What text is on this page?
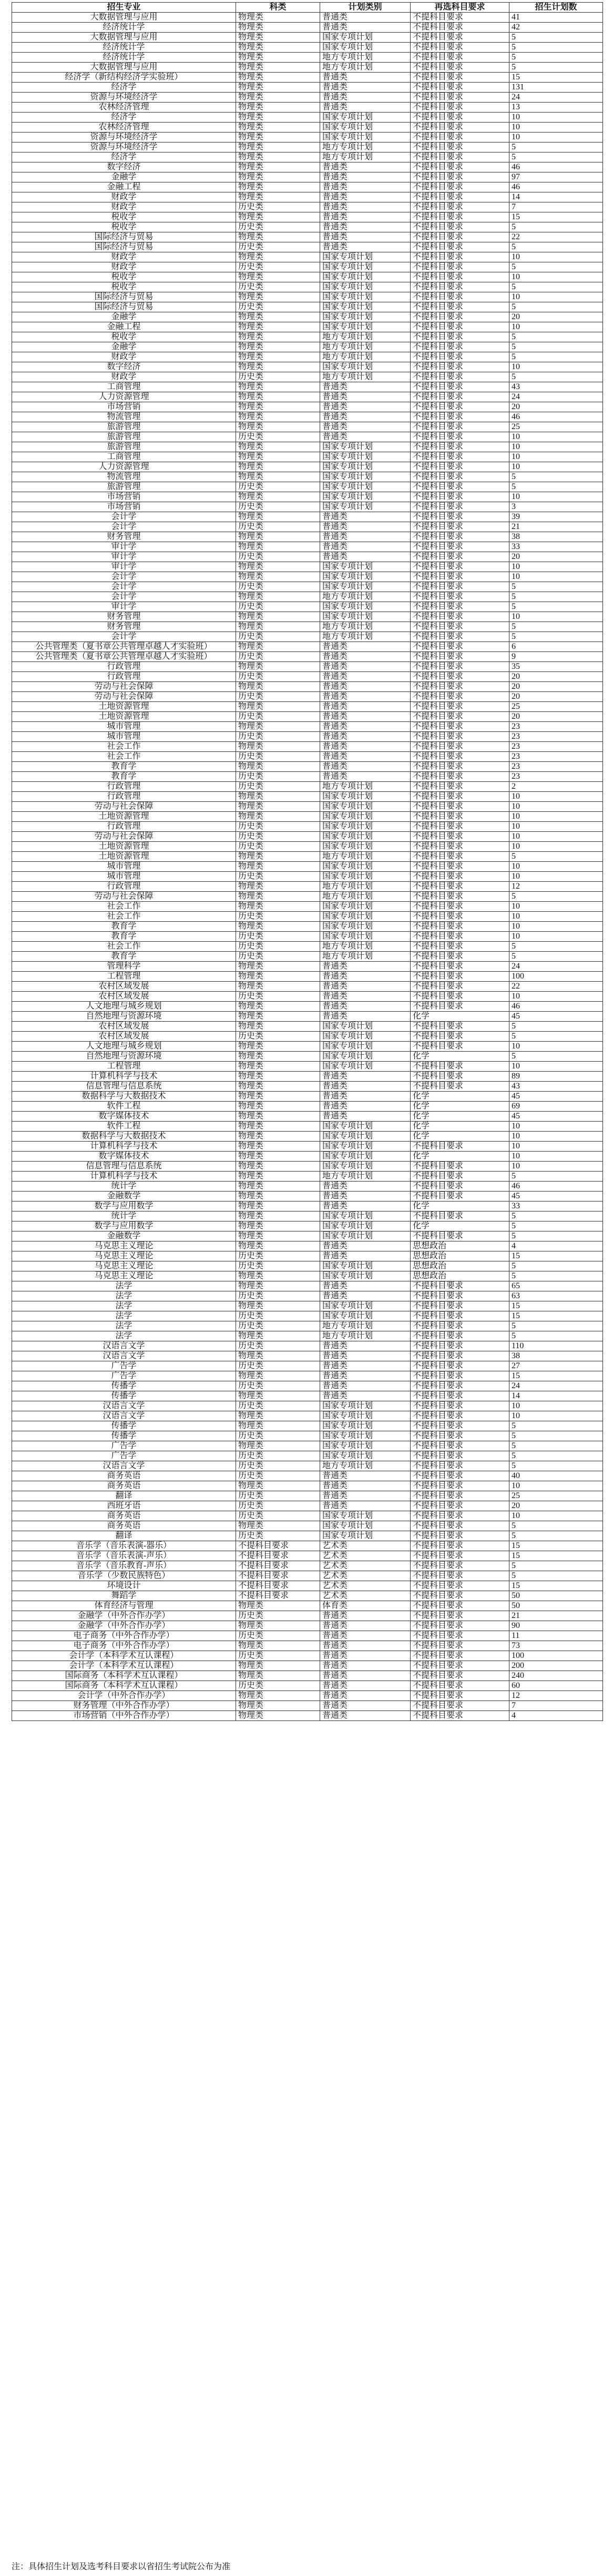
招生专业	科类	计划类别	再选科目要求	招生计划数
大数据管理与应用	物理类	普通类	不提科目要求	41
经济统计学	物理类	普通类	不提科目要求	42
大数据管理与应用	物理类	国家专项计划	不提科目要求	5
经济统计学	物理类	国家专项计划	不提科目要求	5
经济统计学	物理类	地方专项计划	不提科目要求	5
大数据管理与应用	物理类	地方专项计划	不提科目要求	5
经济学（新结构经济学实验班）	物理类	普通类	不提科目要求	15
经济学	物理类	普通类	不提科目要求	131
资源与环境经济学	物理类	普通类	不提科目要求	24
农林经济管理	物理类	普通类	不提科目要求	13
经济学	物理类	国家专项计划	不提科目要求	10
农林经济管理	物理类	国家专项计划	不提科目要求	10
资源与环境经济学	物理类	国家专项计划	不提科目要求	10
资源与环境经济学	物理类	地方专项计划	不提科目要求	5
经济学	物理类	地方专项计划	不提科目要求	5
数字经济	物理类	普通类	不提科目要求	46
金融学	物理类	普通类	不提科目要求	97
金融工程	物理类	普通类	不提科目要求	46
财政学	物理类	普通类	不提科目要求	14
财政学	历史类	普通类	不提科目要求	7
税收学	物理类	普通类	不提科目要求	15
税收学	历史类	普通类	不提科目要求	5
国际经济与贸易	物理类	普通类	不提科目要求	22
国际经济与贸易	历史类	普通类	不提科目要求	5
财政学	物理类	国家专项计划	不提科目要求	10
财政学	历史类	国家专项计划	不提科目要求	5
税收学	物理类	国家专项计划	不提科目要求	10
税收学	历史类	国家专项计划	不提科目要求	5
国际经济与贸易	物理类	国家专项计划	不提科目要求	10
国际经济与贸易	历史类	国家专项计划	不提科目要求	5
金融学	物理类	国家专项计划	不提科目要求	20
金融工程	物理类	国家专项计划	不提科目要求	10
税收学	物理类	地方专项计划	不提科目要求	5
金融学	物理类	地方专项计划	不提科目要求	5
财政学	物理类	地方专项计划	不提科目要求	5
数字经济	物理类	国家专项计划	不提科目要求	10
财政学	历史类	地方专项计划	不提科目要求	5
工商管理	物理类	普通类	不提科目要求	43
人力资源管理	物理类	普通类	不提科目要求	24
市场营销	物理类	普通类	不提科目要求	20
物流管理	物理类	普通类	不提科目要求	46
旅游管理	物理类	普通类	不提科目要求	25
旅游管理	历史类	普通类	不提科目要求	10
旅游管理	物理类	国家专项计划	不提科目要求	10
工商管理	物理类	国家专项计划	不提科目要求	10
人力资源管理	物理类	国家专项计划	不提科目要求	10
物流管理	物理类	国家专项计划	不提科目要求	5
旅游管理	历史类	国家专项计划	不提科目要求	5
市场营销	物理类	国家专项计划	不提科目要求	10
市场营销	历史类	国家专项计划	不提科目要求	3
会计学	物理类	普通类	不提科目要求	39
会计学	历史类	普通类	不提科目要求	21
财务管理	物理类	普通类	不提科目要求	38
审计学	物理类	普通类	不提科目要求	33
审计学	历史类	普通类	不提科目要求	20
审计学	物理类	国家专项计划	不提科目要求	10
会计学	物理类	国家专项计划	不提科目要求	10
会计学	历史类	国家专项计划	不提科目要求	5
会计学	物理类	地方专项计划	不提科目要求	5
审计学	历史类	国家专项计划	不提科目要求	5
财务管理	物理类	国家专项计划	不提科目要求	10
财务管理	物理类	地方专项计划	不提科目要求	5
会计学	历史类	地方专项计划	不提科目要求	5
公共管理类（夏书章公共管理卓越人才实验班）	物理类	普通类	不提科目要求	6
公共管理类（夏书章公共管理卓越人才实验班）	历史类	普通类	不提科目要求	9
行政管理	物理类	普通类	不提科目要求	35
行政管理	历史类	普通类	不提科目要求	20
劳动与社会保障	物理类	普通类	不提科目要求	20
劳动与社会保障	历史类	普通类	不提科目要求	20
土地资源管理	物理类	普通类	不提科目要求	25
土地资源管理	历史类	普通类	不提科目要求	20
城市管理	物理类	普通类	不提科目要求	23
城市管理	历史类	普通类	不提科目要求	23
社会工作	物理类	普通类	不提科目要求	23
社会工作	历史类	普通类	不提科目要求	23
教育学	物理类	普通类	不提科目要求	23
教育学	历史类	普通类	不提科目要求	23
行政管理	历史类	地方专项计划	不提科目要求	2
行政管理	物理类	国家专项计划	不提科目要求	10
劳动与社会保障	物理类	国家专项计划	不提科目要求	10
土地资源管理	物理类	国家专项计划	不提科目要求	10
行政管理	历史类	国家专项计划	不提科目要求	10
劳动与社会保障	历史类	国家专项计划	不提科目要求	10
土地资源管理	历史类	国家专项计划	不提科目要求	10
土地资源管理	物理类	地方专项计划	不提科目要求	5
城市管理	物理类	国家专项计划	不提科目要求	10
城市管理	历史类	国家专项计划	不提科目要求	10
行政管理	物理类	地方专项计划	不提科目要求	12
劳动与社会保障	物理类	地方专项计划	不提科目要求	5
社会工作	物理类	国家专项计划	不提科目要求	10
社会工作	历史类	国家专项计划	不提科目要求	10
教育学	物理类	国家专项计划	不提科目要求	10
教育学	历史类	国家专项计划	不提科目要求	10
社会工作	历史类	地方专项计划	不提科目要求	5
教育学	历史类	地方专项计划	不提科目要求	5
管理科学	物理类	普通类	不提科目要求	24
工程管理	物理类	普通类	不提科目要求	100
农村区域发展	物理类	普通类	不提科目要求	22
农村区域发展	历史类	普通类	不提科目要求	10
人文地理与城乡规划	物理类	普通类	不提科目要求	46
自然地理与资源环境	物理类	普通类	化学	45
农村区域发展	物理类	国家专项计划	不提科目要求	5
农村区域发展	历史类	国家专项计划	不提科目要求	5
人文地理与城乡规划	物理类	国家专项计划	不提科目要求	10
自然地理与资源环境	物理类	国家专项计划	化学	5
工程管理	物理类	国家专项计划	不提科目要求	10
计算机科学与技术	物理类	普通类	不提科目要求	89
信息管理与信息系统	物理类	普通类	不提科目要求	43
数据科学与大数据技术	物理类	普通类	化学	45
软件工程	物理类	普通类	化学	69
数字媒体技术	物理类	普通类	化学	45
软件工程	物理类	国家专项计划	化学	10
数据科学与大数据技术	物理类	国家专项计划	化学	10
计算机科学与技术	物理类	国家专项计划	不提科目要求	10
数字媒体技术	物理类	国家专项计划	化学	10
信息管理与信息系统	物理类	国家专项计划	不提科目要求	10
计算机科学与技术	物理类	地方专项计划	不提科目要求	5
统计学	物理类	普通类	不提科目要求	46
金融数学	物理类	普通类	不提科目要求	45
数学与应用数学	物理类	普通类	化学	33
统计学	物理类	国家专项计划	不提科目要求	5
数学与应用数学	物理类	国家专项计划	化学	5
金融数学	物理类	国家专项计划	不提科目要求	5
马克思主义理论	物理类	普通类	思想政治	4
马克思主义理论	历史类	普通类	思想政治	15
马克思主义理论	历史类	国家专项计划	思想政治	5
马克思主义理论	物理类	国家专项计划	思想政治	5
法学	物理类	普通类	不提科目要求	65
法学	历史类	普通类	不提科目要求	63
法学	物理类	国家专项计划	不提科目要求	15
法学	历史类	国家专项计划	不提科目要求	15
法学	历史类	地方专项计划	不提科目要求	5
法学	物理类	地方专项计划	不提科目要求	5
汉语言文学	历史类	普通类	不提科目要求	110
汉语言文学	物理类	普通类	不提科目要求	38
广告学	历史类	普通类	不提科目要求	27
广告学	物理类	普通类	不提科目要求	15
传播学	历史类	普通类	不提科目要求	24
传播学	物理类	普通类	不提科目要求	14
汉语言文学	历史类	国家专项计划	不提科目要求	10
汉语言文学	物理类	国家专项计划	不提科目要求	10
传播学	物理类	国家专项计划	不提科目要求	5
传播学	历史类	国家专项计划	不提科目要求	5
广告学	物理类	国家专项计划	不提科目要求	5
广告学	历史类	国家专项计划	不提科目要求	5
汉语言文学	历史类	地方专项计划	不提科目要求	5
商务英语	历史类	普通类	不提科目要求	40
商务英语	物理类	普通类	不提科目要求	10
翻译	历史类	普通类	不提科目要求	25
西班牙语	历史类	普通类	不提科目要求	20
商务英语	历史类	国家专项计划	不提科目要求	10
商务英语	物理类	国家专项计划	不提科目要求	5
翻译	历史类	国家专项计划	不提科目要求	5
音乐学（音乐表演-器乐）	不提科目要求	艺术类	不提科目要求	15
音乐学（音乐表演-声乐）	不提科目要求	艺术类	不提科目要求	15
音乐学（音乐教育-声乐）	不提科目要求	艺术类	不提科目要求	5
音乐学（少数民族特色）	不提科目要求	艺术类	不提科目要求	5
环境设计	不提科目要求	艺术类	不提科目要求	15
舞蹈学	不提科目要求	艺术类	不提科目要求	50
体育经济与管理	物理类	体育类	不提科目要求	50
金融学（中外合作办学）	历史类	普通类	不提科目要求	21
金融学（中外合作办学）	物理类	普通类	不提科目要求	90
电子商务（中外合作办学）	历史类	普通类	不提科目要求	11
电子商务（中外合作办学）	物理类	普通类	不提科目要求	73
会计学（本科学术互认课程）	历史类	普通类	不提科目要求	100
会计学（本科学术互认课程）	物理类	普通类	不提科目要求	200
国际商务（本科学术互认课程）	物理类	普通类	不提科目要求	240
国际商务（本科学术互认课程）	历史类	普通类	不提科目要求	60
会计学（中外合作办学）	物理类	普通类	不提科目要求	12
财务管理（中外合作办学）	物理类	普通类	不提科目要求	7
市场营销（中外合作办学）	物理类	普通类	不提科目要求	4
注：具体招生计划及选考科目要求以省招生考试院公布为准
